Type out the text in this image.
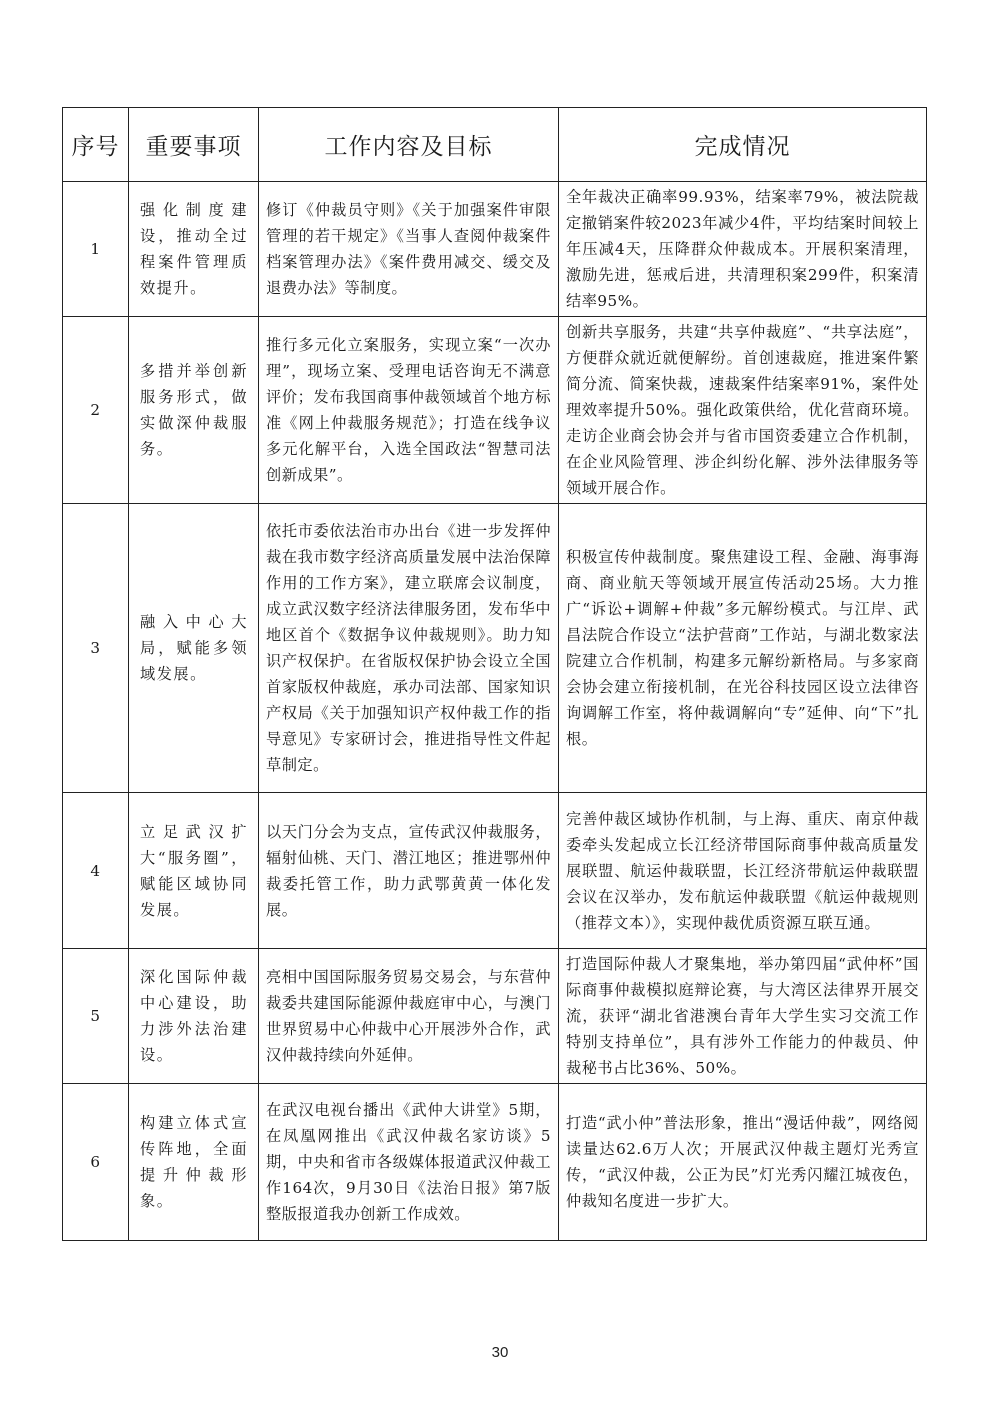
序号	重要事项	工作内容及目标	完成情况
1	强化制度建设，推动全过程案件管理质效提升。	修订《仲裁员守则》《关于加强案件审限管理的若干规定》《当事人查阅仲裁案件档案管理办法》《案件费用减交、缓交及退费办法》等制度。	全年裁决正确率99.93%，结案率79%，被法院裁定撤销案件较2023年减少4件，平均结案时间较上年压减4天，压降群众仲裁成本。开展积案清理，激励先进，惩戒后进，共清理积案299件，积案清结率95%。
2	多措并举创新服务形式，做实做深仲裁服务。	推行多元化立案服务，实现立案“一次办理”，现场立案、受理电话咨询无不满意评价；发布我国商事仲裁领域首个地方标准《网上仲裁服务规范》；打造在线争议多元化解平台，入选全国政法“智慧司法创新成果”。	创新共享服务，共建“共享仲裁庭”、“共享法庭”，方便群众就近就便解纷。首创速裁庭，推进案件繁简分流、简案快裁，速裁案件结案率91%，案件处理效率提升50%。强化政策供给，优化营商环境。走访企业商会协会并与省市国资委建立合作机制，在企业风险管理、涉企纠纷化解、涉外法律服务等领域开展合作。
3	融入中心大局，赋能多领域发展。	依托市委依法治市办出台《进一步发挥仲裁在我市数字经济高质量发展中法治保障作用的工作方案》，建立联席会议制度，成立武汉数字经济法律服务团，发布华中地区首个《数据争议仲裁规则》。助力知识产权保护。在省版权保护协会设立全国首家版权仲裁庭，承办司法部、国家知识产权局《关于加强知识产权仲裁工作的指导意见》专家研讨会，推进指导性文件起草制定。	积极宣传仲裁制度。聚焦建设工程、金融、海事海商、商业航天等领域开展宣传活动25场。大力推广“诉讼+调解+仲裁”多元解纷模式。与江岸、武昌法院合作设立“法护营商”工作站，与湖北数家法院建立合作机制，构建多元解纷新格局。与多家商会协会建立衔接机制，在光谷科技园区设立法律咨询调解工作室，将仲裁调解向“专”延伸、向“下”扎根。
4	立足武汉扩大“服务圈”，赋能区域协同发展。	以天门分会为支点，宣传武汉仲裁服务，辐射仙桃、天门、潜江地区；推进鄂州仲裁委托管工作，助力武鄂黄黄一体化发展。	完善仲裁区域协作机制，与上海、重庆、南京仲裁委牵头发起成立长江经济带国际商事仲裁高质量发展联盟、航运仲裁联盟，长江经济带航运仲裁联盟会议在汉举办，发布航运仲裁联盟《航运仲裁规则（推荐文本）》，实现仲裁优质资源互联互通。
5	深化国际仲裁中心建设，助力涉外法治建设。	亮相中国国际服务贸易交易会，与东营仲裁委共建国际能源仲裁庭审中心，与澳门世界贸易中心仲裁中心开展涉外合作，武汉仲裁持续向外延伸。	打造国际仲裁人才聚集地，举办第四届“武仲杯”国际商事仲裁模拟庭辩论赛，与大湾区法律界开展交流，获评“湖北省港澳台青年大学生实习交流工作特别支持单位”，具有涉外工作能力的仲裁员、仲裁秘书占比36%、50%。
6	构建立体式宣传阵地，全面提升仲裁形象。	在武汉电视台播出《武仲大讲堂》5期，在凤凰网推出《武汉仲裁名家访谈》5期，中央和省市各级媒体报道武汉仲裁工作164次，9月30日《法治日报》第7版整版报道我办创新工作成效。	打造“武小仲”普法形象，推出“漫话仲裁”，网络阅读量达62.6万人次；开展武汉仲裁主题灯光秀宣传，“武汉仲裁，公正为民”灯光秀闪耀江城夜色，仲裁知名度进一步扩大。
30
